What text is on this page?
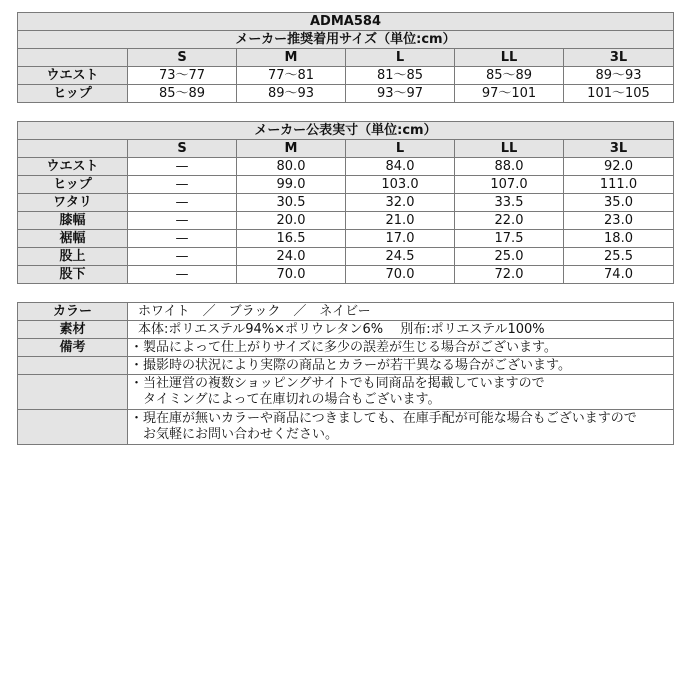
ADMA584					
メーカー推奨着用サイズ（単位:cm）					
	S	M	L	LL	3L
ウエスト	73〜77	77〜81	81〜85	85〜89	89〜93
ヒップ	85〜89	89〜93	93〜97	97〜101	101〜105
メーカー公表実寸（単位:cm）					
	S	M	L	LL	3L
ウエスト	—	80.0	84.0	88.0	92.0
ヒップ	—	99.0	103.0	107.0	111.0
ワタリ	—	30.5	32.0	33.5	35.0
膝幅	—	20.0	21.0	22.0	23.0
裾幅	—	16.5	17.0	17.5	18.0
股上	—	24.0	24.5	25.0	25.5
股下	—	70.0	70.0	72.0	74.0
カラー	ホワイト　／　ブラック　／　ネイビー
素材	本体:ポリエステル94%×ポリウレタン6%　 別布:ポリエステル100%
備考	・製品によって仕上がりサイズに多少の誤差が生じる場合がございます。

	・撮影時の状況により実際の商品とカラーが若干異なる場合がございます。

	・当社運営の複数ショッピングサイトでも同商品を掲載していますので
　タイミングによって在庫切れの場合もございます。

	・現在庫が無いカラーや商品につきましても、在庫手配が可能な場合もございますので
　お気軽にお問い合わせください。
